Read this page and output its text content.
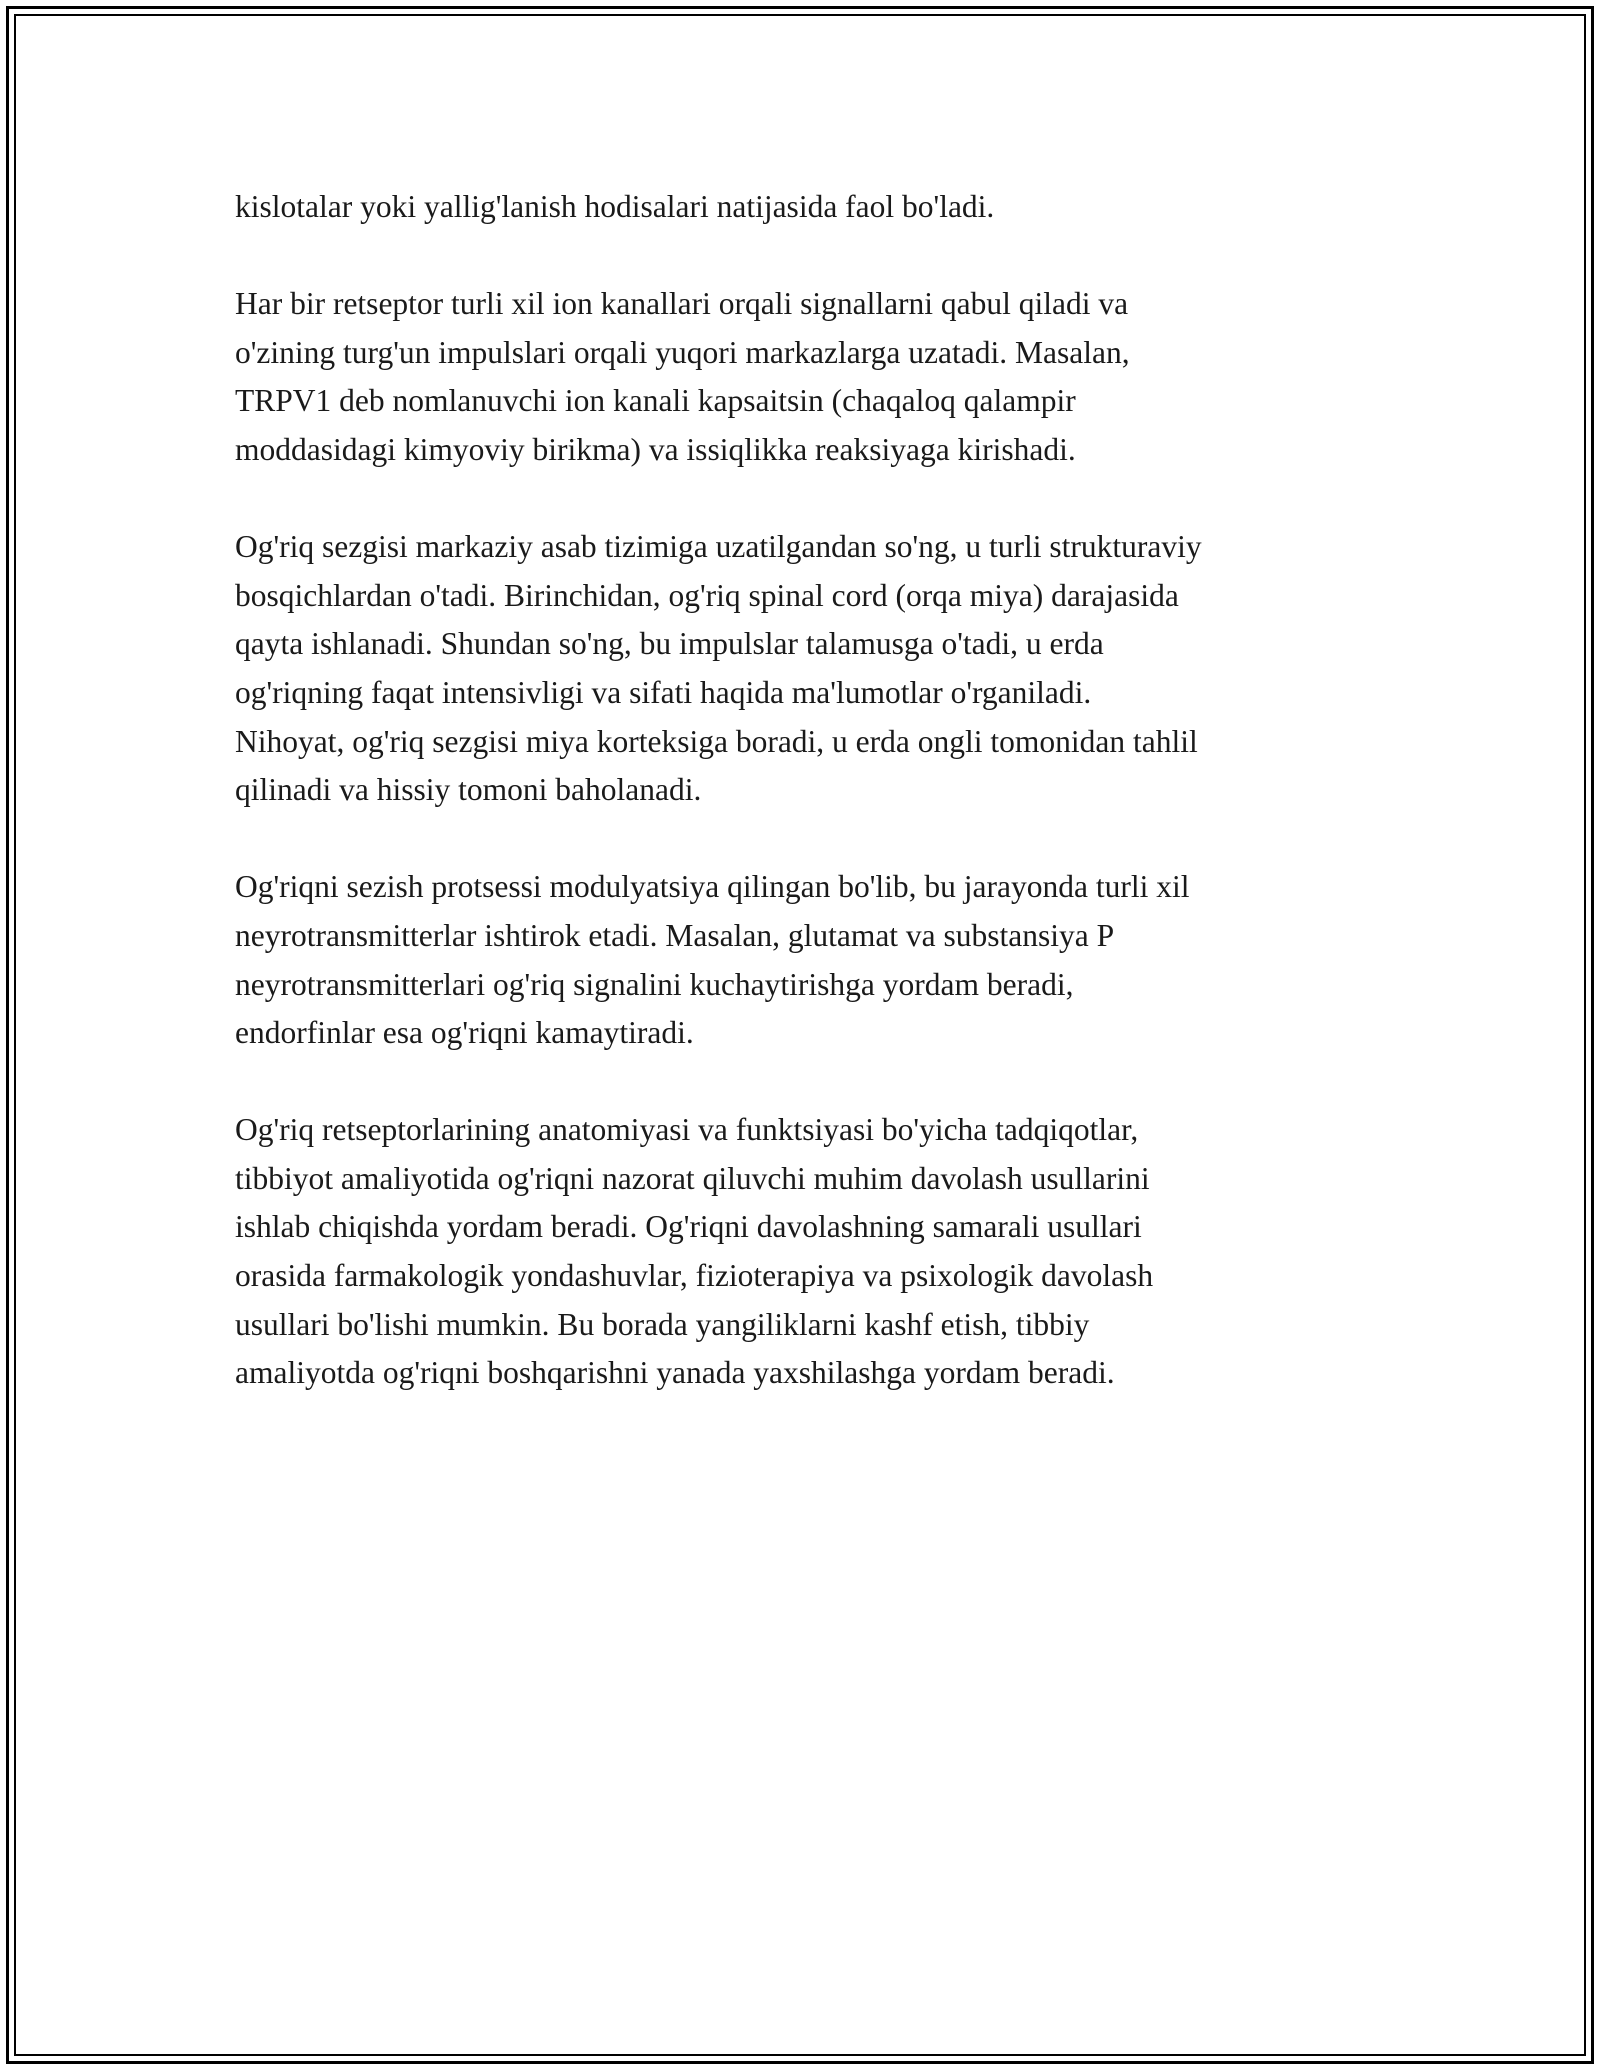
kislotalar yoki yallig'lanish hodisalari natijasida faol bo'ladi.

Har bir retseptor turli xil ion kanallari orqali signallarni qabul qiladi va
o'zining turg'un impulslari orqali yuqori markazlarga uzatadi. Masalan,
TRPV1 deb nomlanuvchi ion kanali kapsaitsin (chaqaloq qalampir
moddasidagi kimyoviy birikma) va issiqlikka reaksiyaga kirishadi.

Og'riq sezgisi markaziy asab tizimiga uzatilgandan so'ng, u turli strukturaviy
bosqichlardan o'tadi. Birinchidan, og'riq spinal cord (orqa miya) darajasida
qayta ishlanadi. Shundan so'ng, bu impulslar talamusga o'tadi, u erda
og'riqning faqat intensivligi va sifati haqida ma'lumotlar o'rganiladi.
Nihoyat, og'riq sezgisi miya korteksiga boradi, u erda ongli tomonidan tahlil
qilinadi va hissiy tomoni baholanadi.

Og'riqni sezish protsessi modulyatsiya qilingan bo'lib, bu jarayonda turli xil
neyrotransmitterlar ishtirok etadi. Masalan, glutamat va substansiya P
neyrotransmitterlari og'riq signalini kuchaytirishga yordam beradi,
endorfinlar esa og'riqni kamaytiradi.

Og'riq retseptorlarining anatomiyasi va funktsiyasi bo'yicha tadqiqotlar,
tibbiyot amaliyotida og'riqni nazorat qiluvchi muhim davolash usullarini
ishlab chiqishda yordam beradi. Og'riqni davolashning samarali usullari
orasida farmakologik yondashuvlar, fizioterapiya va psixologik davolash
usullari bo'lishi mumkin. Bu borada yangiliklarni kashf etish, tibbiy
amaliyotda og'riqni boshqarishni yanada yaxshilashga yordam beradi.
